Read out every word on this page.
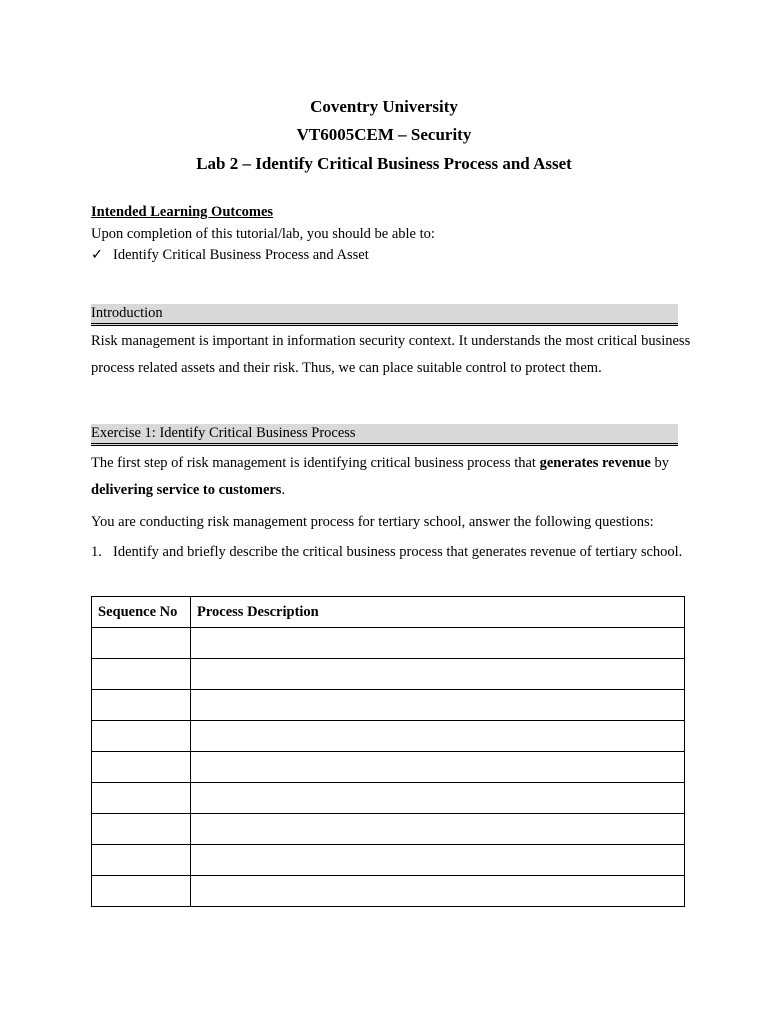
Coventry University
VT6005CEM – Security
Lab 2 – Identify Critical Business Process and Asset
Intended Learning Outcomes
Upon completion of this tutorial/lab, you should be able to:
✓ Identify Critical Business Process and Asset
Introduction
Risk management is important in information security context. It understands the most critical business process related assets and their risk. Thus, we can place suitable control to protect them.
Exercise 1: Identify Critical Business Process
The first step of risk management is identifying critical business process that generates revenue by delivering service to customers.
You are conducting risk management process for tertiary school, answer the following questions:
1. Identify and briefly describe the critical business process that generates revenue of tertiary school.
Sequence No	Process Description
